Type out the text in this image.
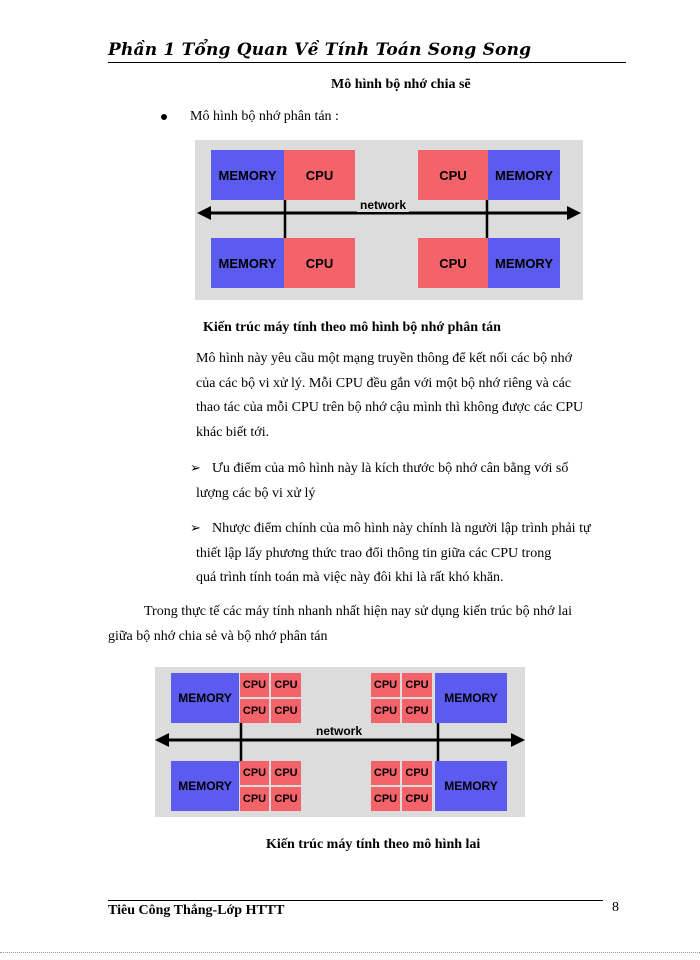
Phần 1 Tổng Quan Về Tính Toán Song Song
Mô hình bộ nhớ chia sẽ
Mô hình bộ nhớ phân tán :
network
MEMORY	CPU	CPU	MEMORY
MEMORY	CPU	CPU	MEMORY
Kiến trúc máy tính theo mô hình bộ nhớ phân tán
Mô hình này yêu cầu một mạng truyền thông để kết nối các bộ nhớ
của các bộ vi xử lý. Mỗi CPU đều gắn với một bộ nhớ riêng và các
thao tác của mỗi CPU trên bộ nhớ cậu mình thì không được các CPU
khác biết tới.
➢ Ưu điểm của mô hình này là kích thước bộ nhớ cân bằng với số
lượng các bộ vi xử lý
➢ Nhược điểm chính của mô hình này chính là người lập trình phải tự
thiết lập lấy phương thức trao đổi thông tin giữa các CPU trong
quá trình tính toán mà việc này đôi khi là rất khó khăn.
Trong thực tế các máy tính nhanh nhất hiện nay sử dụng kiến trúc bộ nhớ lai
giữa bộ nhớ chia sẻ và bộ nhớ phân tán
network
MEMORY
CPU CPU
CPU CPU
CPU CPU
CPU CPU
MEMORY
MEMORY
CPU CPU
CPU CPU
CPU CPU
CPU CPU
MEMORY
Kiến trúc máy tính theo mô hình lai
Tiêu Công Thắng-Lớp HTTT	8
